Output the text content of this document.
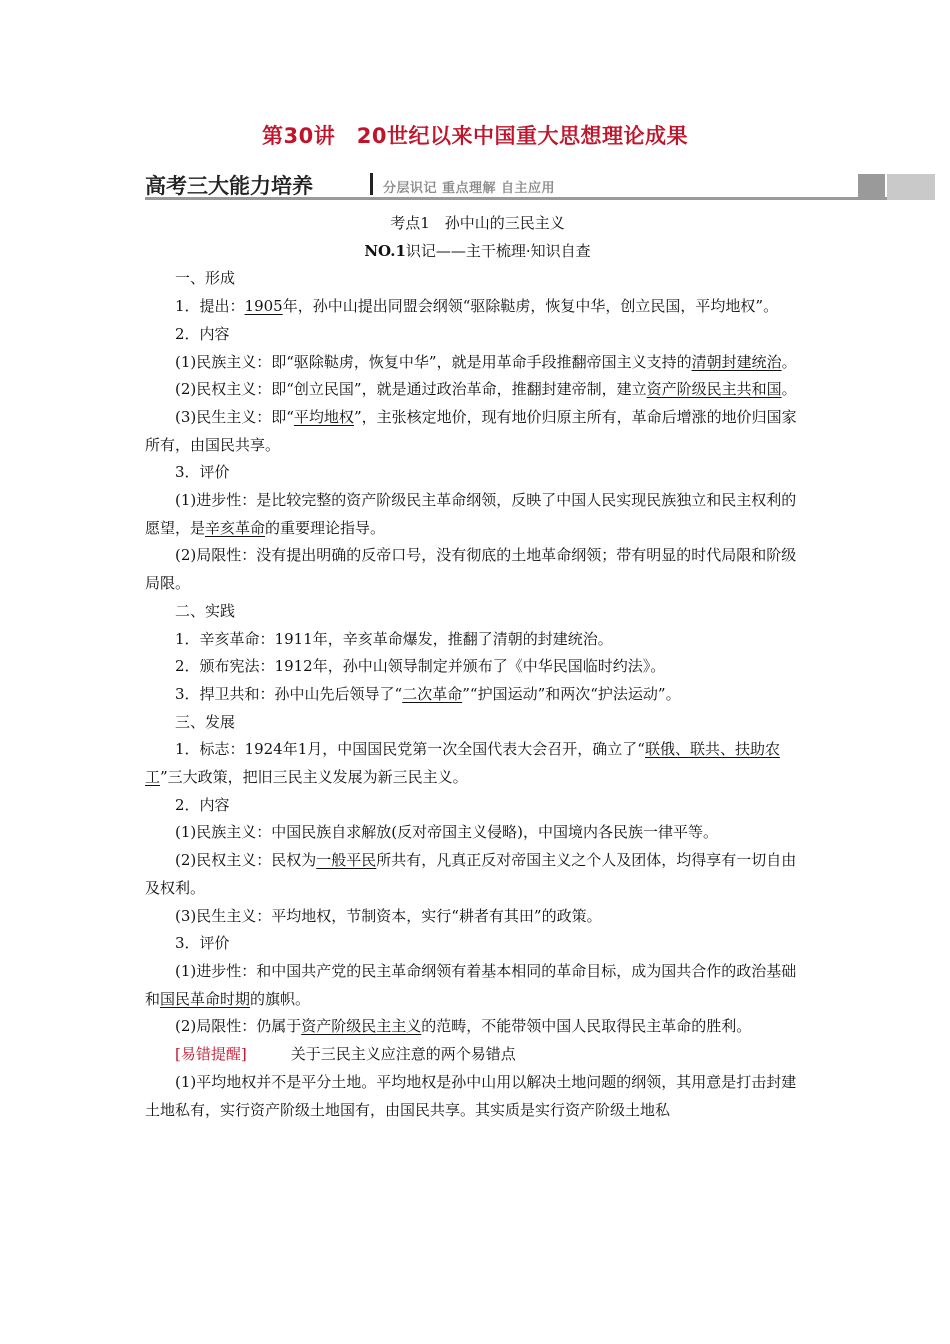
第30讲　20世纪以来中国重大思想理论成果
高考三大能力培养	分层识记 重点理解 自主应用

考点1　孙中山的三民主义

NO.1识记——主干梳理·知识自查

一、形成

1．提出：1905年，孙中山提出同盟会纲领“驱除鞑虏，恢复中华，创立民国，平均地权”。

2．内容

(1)民族主义：即“驱除鞑虏，恢复中华”，就是用革命手段推翻帝国主义支持的清朝封建统治。

(2)民权主义：即“创立民国”，就是通过政治革命，推翻封建帝制，建立资产阶级民主共和国。

(3)民生主义：即“平均地权”，主张核定地价，现有地价归原主所有，革命后增涨的地价归国家所有，由国民共享。

3．评价

(1)进步性：是比较完整的资产阶级民主革命纲领，反映了中国人民实现民族独立和民主权利的愿望，是辛亥革命的重要理论指导。

(2)局限性：没有提出明确的反帝口号，没有彻底的土地革命纲领；带有明显的时代局限和阶级局限。

二、实践

1．辛亥革命：1911年，辛亥革命爆发，推翻了清朝的封建统治。

2．颁布宪法：1912年，孙中山领导制定并颁布了《中华民国临时约法》。

3．捍卫共和：孙中山先后领导了“二次革命”“护国运动”和两次“护法运动”。

三、发展

1．标志：1924年1月，中国国民党第一次全国代表大会召开，确立了“联俄、联共、扶助农工”三大政策，把旧三民主义发展为新三民主义。

2．内容

(1)民族主义：中国民族自求解放(反对帝国主义侵略)，中国境内各民族一律平等。

(2)民权主义：民权为一般平民所共有，凡真正反对帝国主义之个人及团体，均得享有一切自由及权利。

(3)民生主义：平均地权，节制资本，实行“耕者有其田”的政策。

3．评价

(1)进步性：和中国共产党的民主革命纲领有着基本相同的革命目标，成为国共合作的政治基础和国民革命时期的旗帜。

(2)局限性：仍属于资产阶级民主主义的范畴，不能带领中国人民取得民主革命的胜利。

[易错提醒]	关于三民主义应注意的两个易错点

(1)平均地权并不是平分土地。平均地权是孙中山用以解决土地问题的纲领，其用意是打击封建土地私有，实行资产阶级土地国有，由国民共享。其实质是实行资产阶级土地私
